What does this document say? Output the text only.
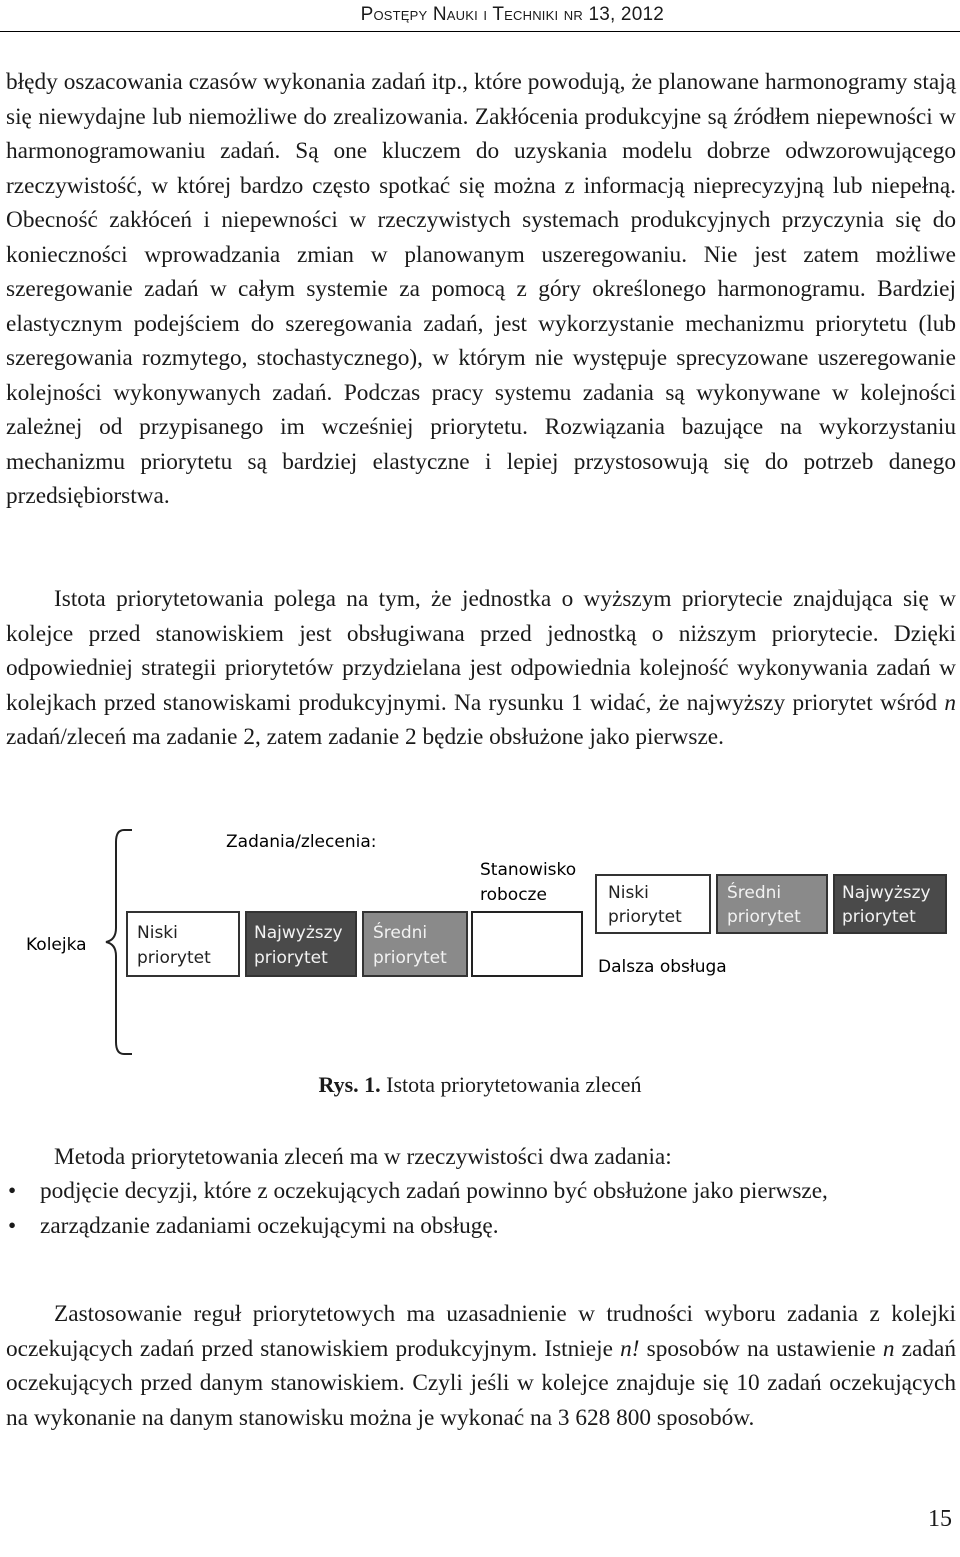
Postępy Nauki i Techniki nr 13, 2012

błędy oszacowania czasów wykonania zadań itp., które powodują, że planowane harmonogramy stają się niewydajne lub niemożliwe do zrealizowania. Zakłócenia produkcyjne są źródłem niepewności w harmonogramowaniu zadań. Są one kluczem do uzyskania modelu dobrze odwzorowującego rzeczywistość, w której bardzo często spotkać się można z informacją nieprecyzyjną lub niepełną. Obecność zakłóceń i niepewności w rzeczywistych systemach produkcyjnych przyczynia się do konieczności wprowadzania zmian w planowanym uszeregowaniu. Nie jest zatem możliwe szeregowanie zadań w całym systemie za pomocą z góry określonego harmonogramu. Bardziej elastycznym podejściem do szeregowania zadań, jest wykorzystanie mechanizmu priorytetu (lub szeregowania rozmytego, stochastycznego), w którym nie występuje sprecyzowane uszeregowanie kolejności wykonywanych zadań. Podczas pracy systemu zadania są wykonywane w kolejności zależnej od przypisanego im wcześniej priorytetu. Rozwiązania bazujące na wykorzystaniu mechanizmu priorytetu są bardziej elastyczne i lepiej przystosowują się do potrzeb danego przedsiębiorstwa.

Istota priorytetowania polega na tym, że jednostka o wyższym priorytecie znajdująca się w kolejce przed stanowiskiem jest obsługiwana przed jednostką o niższym priorytecie. Dzięki odpowiedniej strategii priorytetów przydzielana jest odpowiednia kolejność wykonywania zadań w kolejkach przed stanowiskami produkcyjnymi. Na rysunku 1 widać, że najwyższy priorytet wśród n zadań/zleceń ma zadanie 2, zatem zadanie 2 będzie obsłużone jako pierwsze.

Kolejka
Zadania/zlecenia:
Stanowisko
robocze
Niski
priorytet
Najwyższy
priorytet
Średni
priorytet
Niski
priorytet
Średni
priorytet
Najwyższy
priorytet
Dalsza obsługa
Rys. 1. Istota priorytetowania zleceń

Metoda priorytetowania zleceń ma w rzeczywistości dwa zadania:

• podjęcie decyzji, które z oczekujących zadań powinno być obsłużone jako pierwsze,
• zarządzanie zadaniami oczekującymi na obsługę.

Zastosowanie reguł priorytetowych ma uzasadnienie w trudności wyboru zadania z kolejki oczekujących zadań przed stanowiskiem produkcyjnym. Istnieje n! sposobów na ustawienie n zadań oczekujących przed danym stanowiskiem. Czyli jeśli w kolejce znajduje się 10 zadań oczekujących na wykonanie na danym stanowisku można je wykonać na 3 628 800 sposobów.

15
